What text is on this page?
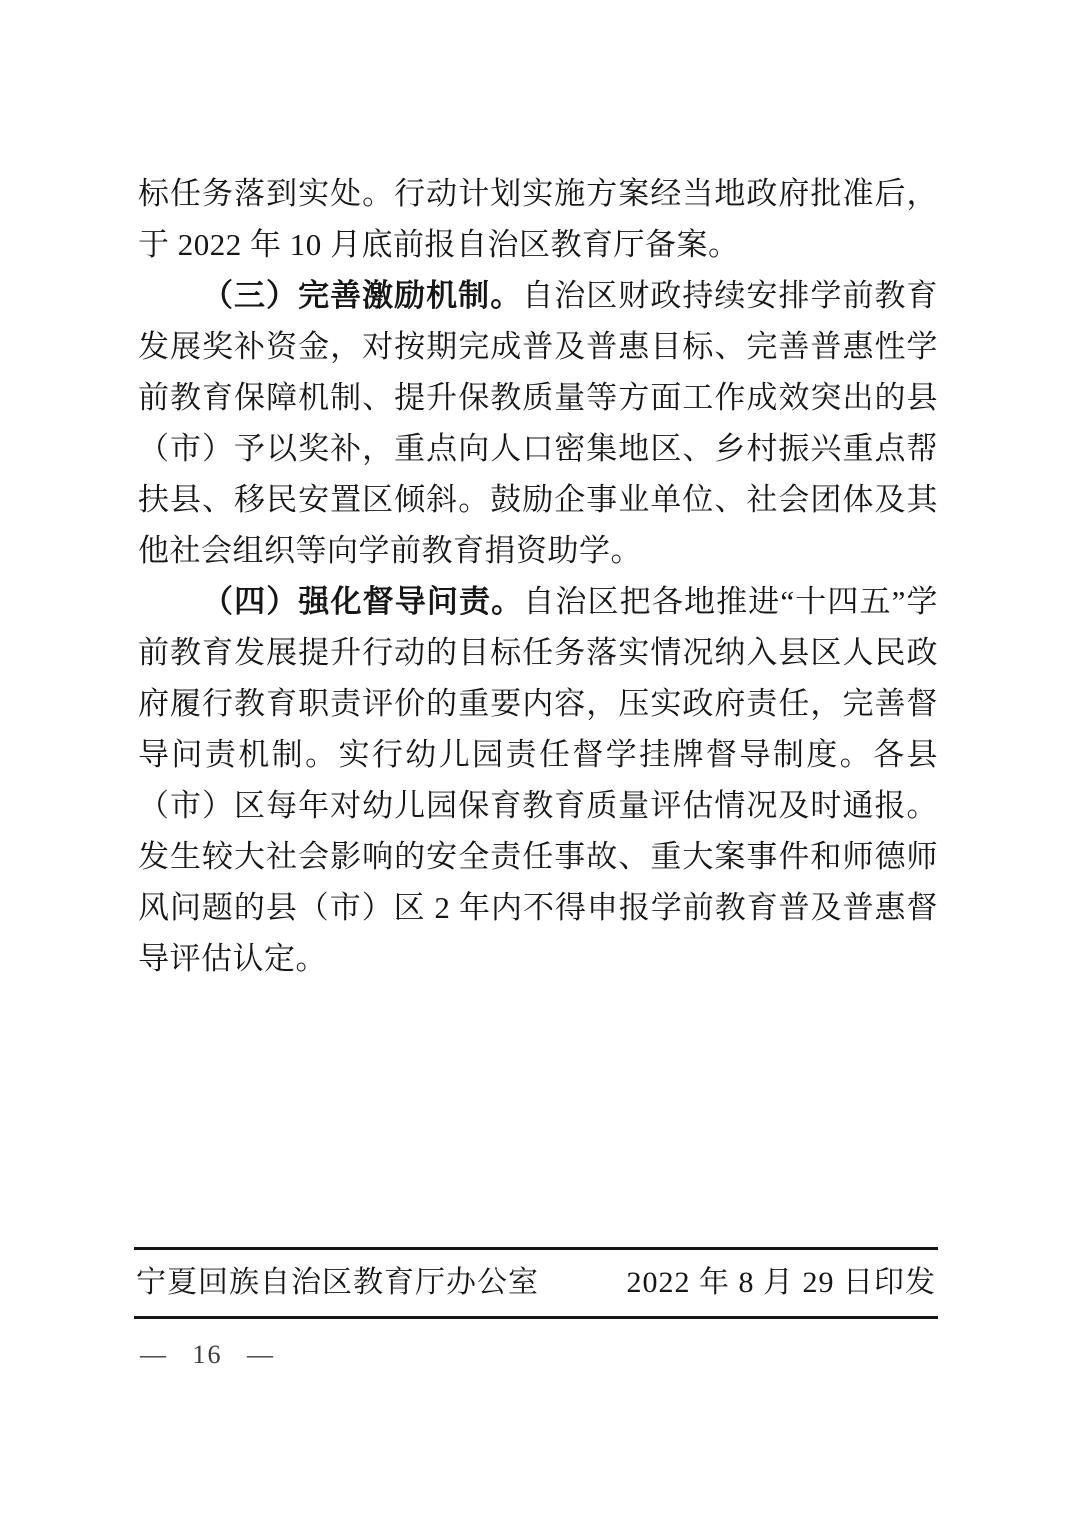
标任务落到实处。行动计划实施方案经当地政府批准后，于 2022 年 10 月底前报自治区教育厅备案。

（三）完善激励机制。自治区财政持续安排学前教育发展奖补资金，对按期完成普及普惠目标、完善普惠性学前教育保障机制、提升保教质量等方面工作成效突出的县（市）予以奖补，重点向人口密集地区、乡村振兴重点帮扶县、移民安置区倾斜。鼓励企事业单位、社会团体及其他社会组织等向学前教育捐资助学。

（四）强化督导问责。自治区把各地推进“十四五”学前教育发展提升行动的目标任务落实情况纳入县区人民政府履行教育职责评价的重要内容，压实政府责任，完善督导问责机制。实行幼儿园责任督学挂牌督导制度。各县（市）区每年对幼儿园保育教育质量评估情况及时通报。发生较大社会影响的安全责任事故、重大案事件和师德师风问题的县（市）区 2 年内不得申报学前教育普及普惠督导评估认定。

宁夏回族自治区教育厅办公室	2022 年 8 月 29 日印发
— 16 —
